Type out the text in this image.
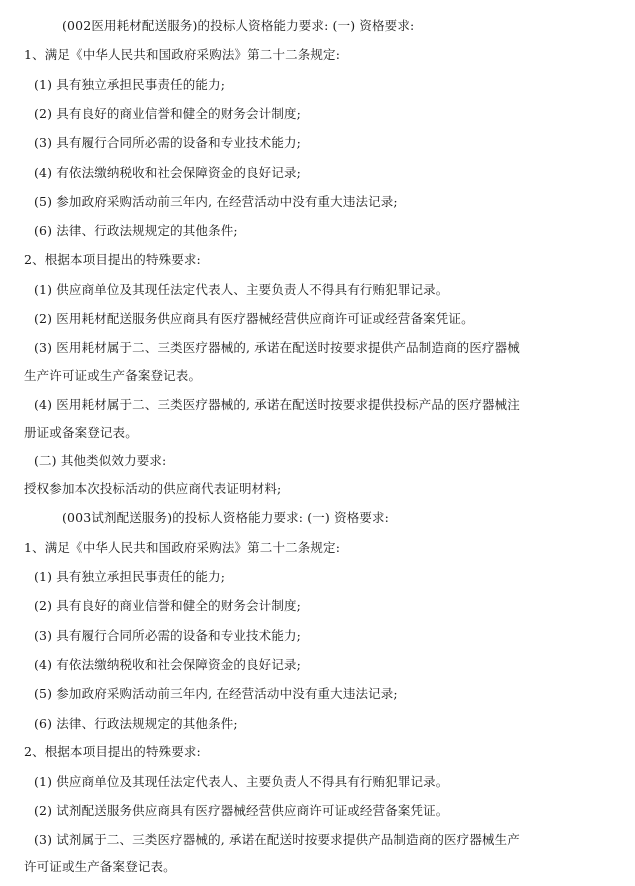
(002医用耗材配送服务)的投标人资格能力要求: (一) 资格要求:
1、满足《中华人民共和国政府采购法》第二十二条规定:
(1) 具有独立承担民事责任的能力;
(2) 具有良好的商业信誉和健全的财务会计制度;
(3) 具有履行合同所必需的设备和专业技术能力;
(4) 有依法缴纳税收和社会保障资金的良好记录;
(5) 参加政府采购活动前三年内, 在经营活动中没有重大违法记录;
(6) 法律、行政法规规定的其他条件;
2、根据本项目提出的特殊要求:
(1) 供应商单位及其现任法定代表人、主要负责人不得具有行贿犯罪记录。
(2) 医用耗材配送服务供应商具有医疗器械经营供应商许可证或经营备案凭证。
(3) 医用耗材属于二、三类医疗器械的, 承诺在配送时按要求提供产品制造商的医疗器械
生产许可证或生产备案登记表。
(4) 医用耗材属于二、三类医疗器械的, 承诺在配送时按要求提供投标产品的医疗器械注
册证或备案登记表。
(二) 其他类似效力要求:
授权参加本次投标活动的供应商代表证明材料;
(003试剂配送服务)的投标人资格能力要求: (一) 资格要求:
1、满足《中华人民共和国政府采购法》第二十二条规定:
(1) 具有独立承担民事责任的能力;
(2) 具有良好的商业信誉和健全的财务会计制度;
(3) 具有履行合同所必需的设备和专业技术能力;
(4) 有依法缴纳税收和社会保障资金的良好记录;
(5) 参加政府采购活动前三年内, 在经营活动中没有重大违法记录;
(6) 法律、行政法规规定的其他条件;
2、根据本项目提出的特殊要求:
(1) 供应商单位及其现任法定代表人、主要负责人不得具有行贿犯罪记录。
(2) 试剂配送服务供应商具有医疗器械经营供应商许可证或经营备案凭证。
(3) 试剂属于二、三类医疗器械的, 承诺在配送时按要求提供产品制造商的医疗器械生产
许可证或生产备案登记表。
